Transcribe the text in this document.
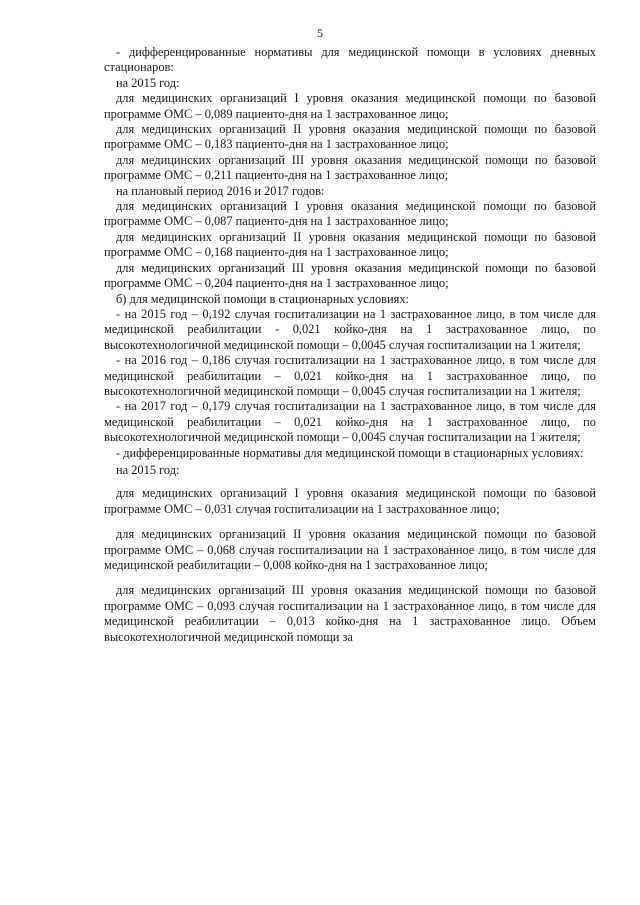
5

- дифференцированные нормативы для медицинской помощи в условиях дневных стационаров:

на 2015 год:

для медицинских организаций I уровня оказания медицинской помощи по базовой программе ОМС – 0,089 пациенто-дня на 1 застрахованное лицо;

для медицинских организаций II уровня оказания медицинской помощи по базовой программе ОМС – 0,183 пациенто-дня на 1 застрахованное лицо;

для медицинских организаций III уровня оказания медицинской помощи по базовой программе ОМС – 0,211 пациенто-дня на 1 застрахованное лицо;

на плановый период 2016 и 2017 годов:

для медицинских организаций I уровня оказания медицинской помощи по базовой программе ОМС – 0,087 пациенто-дня на 1 застрахованное лицо;

для медицинских организаций II уровня оказания медицинской помощи по базовой программе ОМС – 0,168 пациенто-дня на 1 застрахованное лицо;

для медицинских организаций III уровня оказания медицинской помощи по базовой программе ОМС – 0,204 пациенто-дня на 1 застрахованное лицо;

б) для медицинской помощи в стационарных условиях:

- на 2015 год – 0,192 случая госпитализации на 1 застрахованное лицо, в том числе для медицинской реабилитации - 0,021 койко-дня на 1 застрахованное лицо, по высокотехнологичной медицинской помощи – 0,0045 случая госпитализации на 1 жителя;

- на 2016 год – 0,186 случая госпитализации на 1 застрахованное лицо, в том числе для медицинской реабилитации – 0,021 койко-дня на 1 застрахованное лицо, по высокотехнологичной медицинской помощи – 0,0045 случая госпитализации на 1 жителя;

- на 2017 год – 0,179 случая госпитализации на 1 застрахованное лицо, в том числе для медицинской реабилитации – 0,021 койко-дня на 1 застрахованное лицо, по высокотехнологичной медицинской помощи – 0,0045 случая госпитализации на 1 жителя;

- дифференцированные нормативы для медицинской помощи в стационарных условиях:

на 2015 год:

для медицинских организаций I уровня оказания медицинской помощи по базовой программе ОМС – 0,031 случая госпитализации на 1 застрахованное лицо;

для медицинских организаций II уровня оказания медицинской помощи по базовой программе ОМС – 0,068 случая госпитализации на 1 застрахованное лицо, в том числе для медицинской реабилитации – 0,008 койко-дня на 1 застрахованное лицо;

для медицинских организаций III уровня оказания медицинской помощи по базовой программе ОМС – 0,093 случая госпитализации на 1 застрахованное лицо, в том числе для медицинской реабилитации – 0,013 койко-дня на 1 застрахованное лицо. Объем высокотехнологичной медицинской помощи за
